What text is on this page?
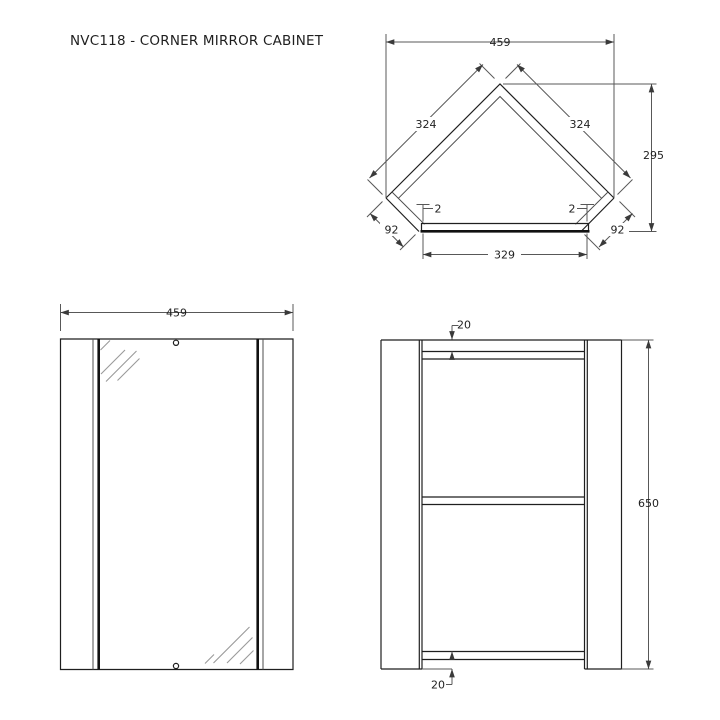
NVC118 - CORNER MIRROR CABINET	459
324	324
295
92	92
2	2
329
459
650
20
20
